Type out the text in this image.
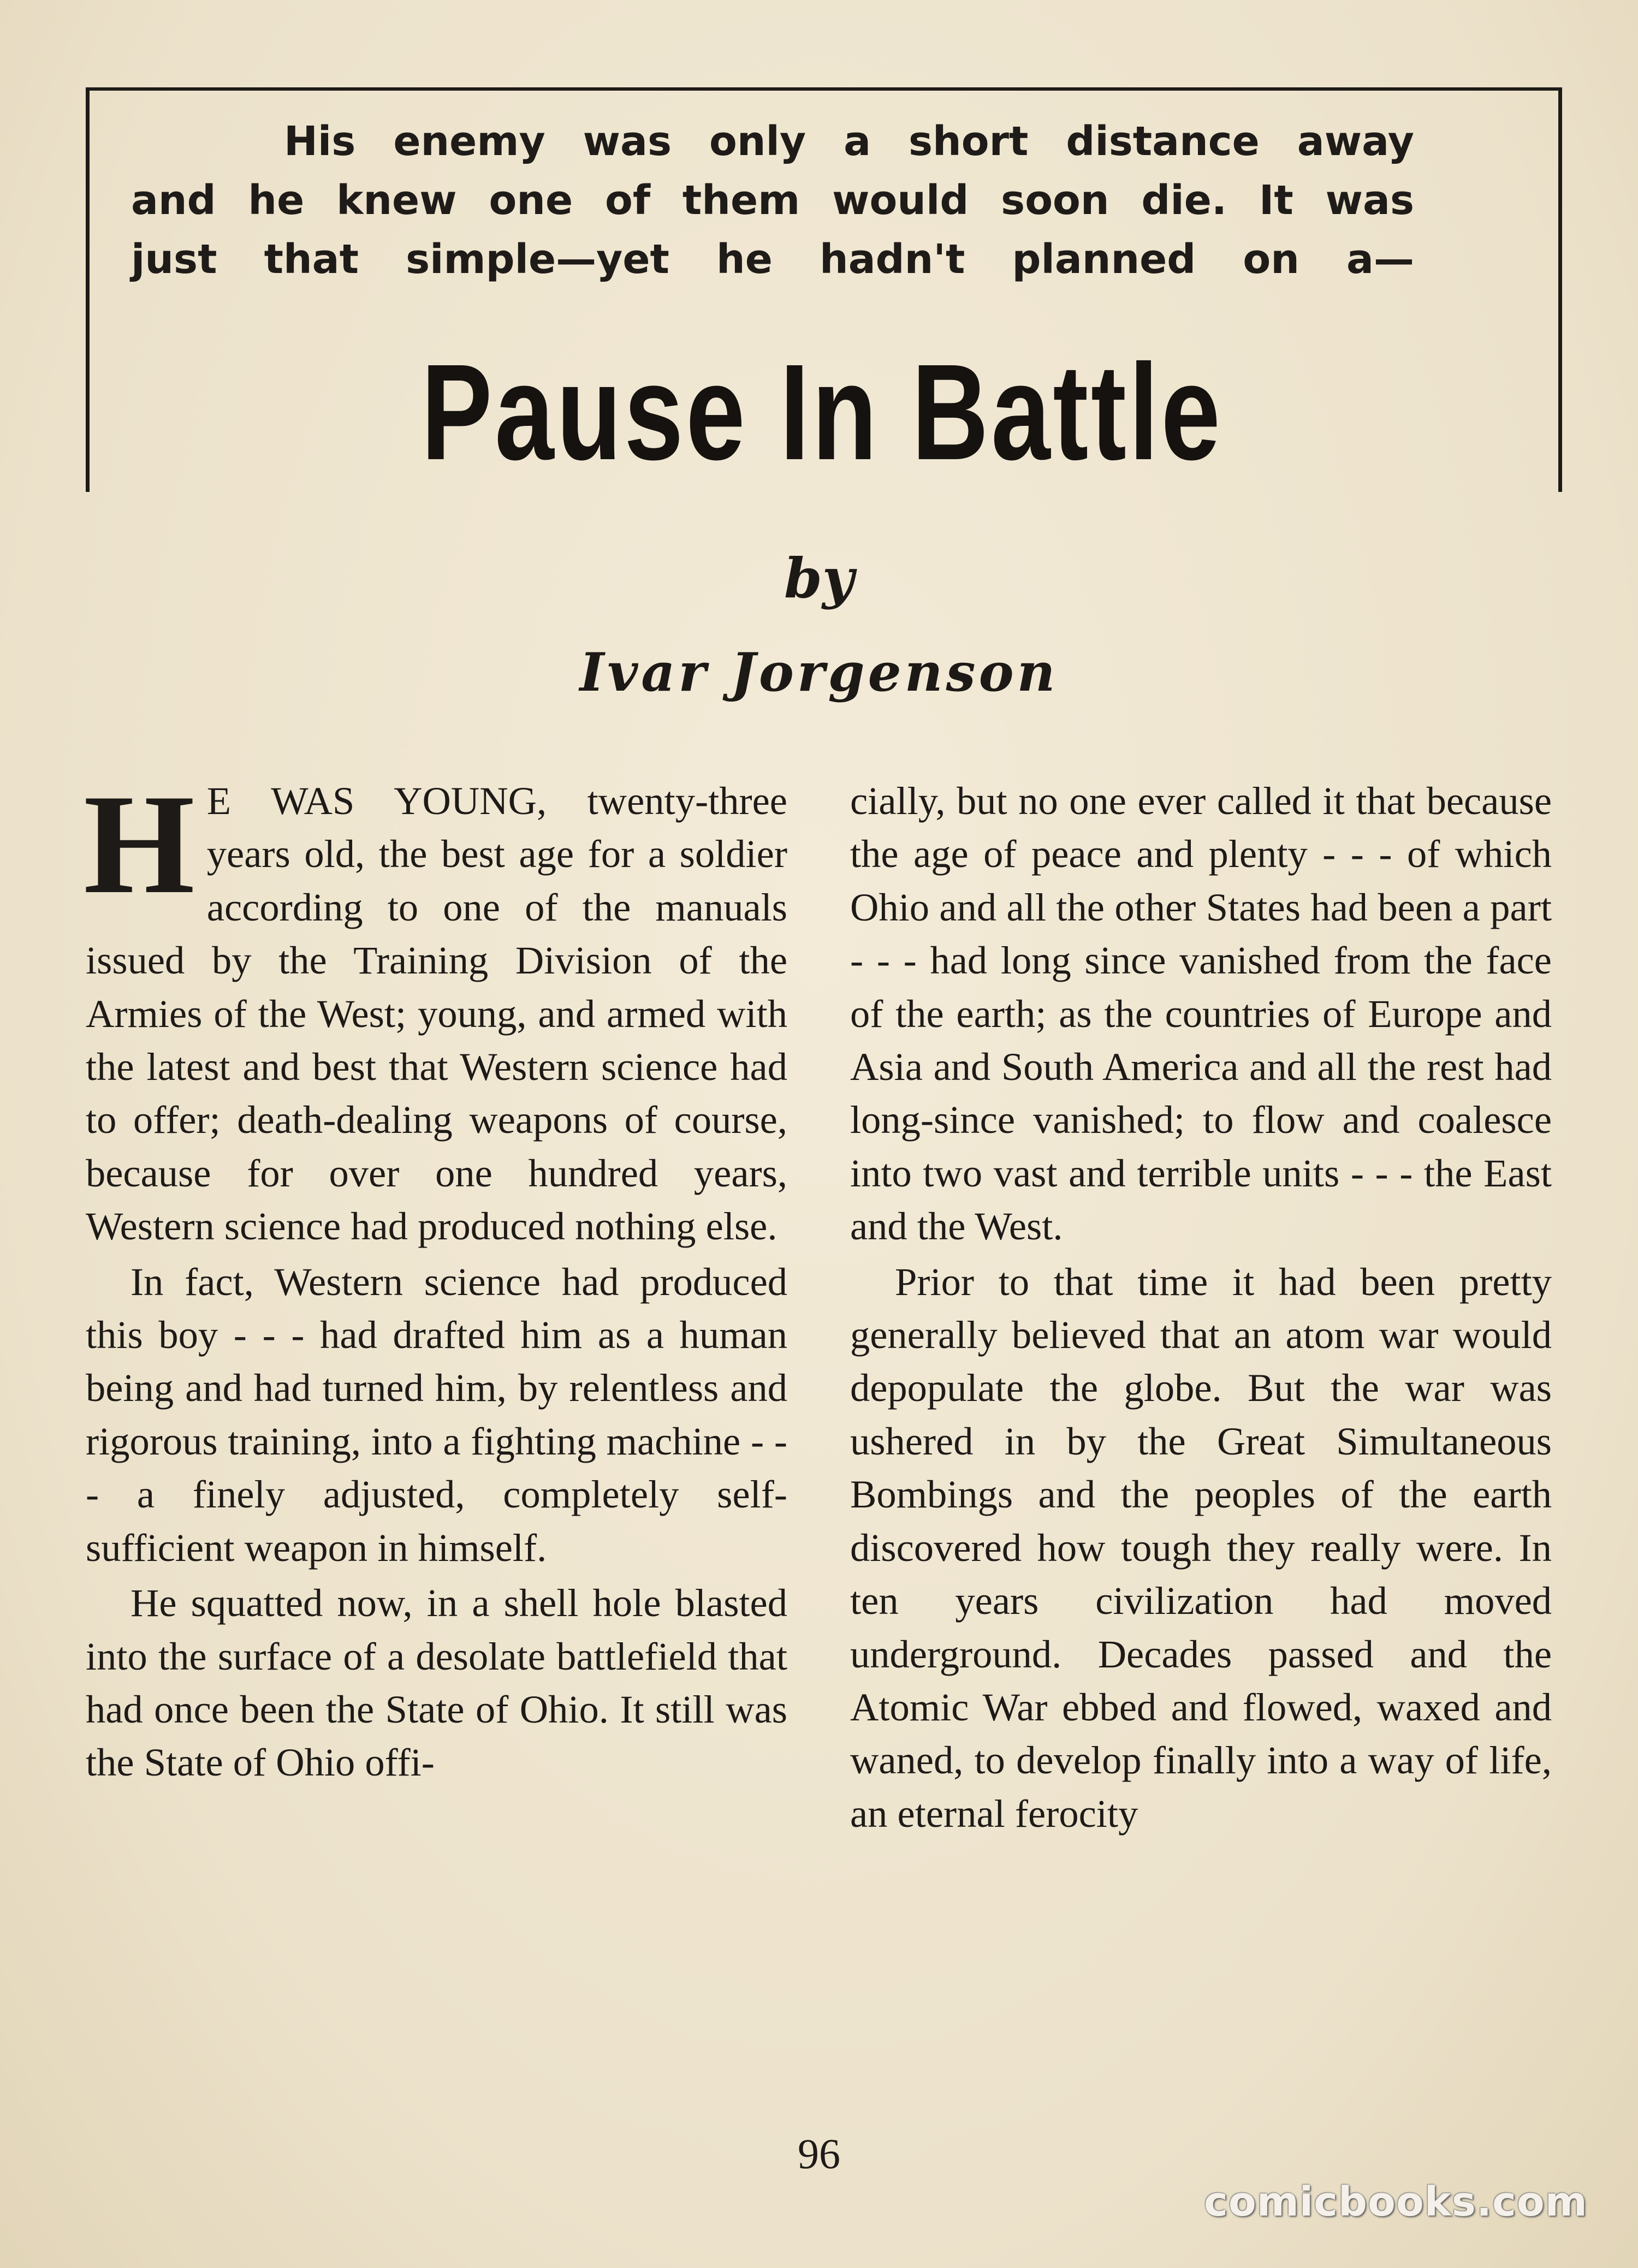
His enemy was only a short distance away
and he knew one of them would soon die. It was
just that simple—yet he hadn't planned on a—
Pause In Battle
by
Ivar Jorgenson

H E WAS YOUNG, twenty-three years old, the best age for a soldier according to one of the manuals issued by the Training Division of the Armies of the West; young, and armed with the latest and best that Western science had to offer; death-dealing weapons of course, because for over one hundred years, Western science had produced nothing else.

In fact, Western science had produced this boy - - - had drafted him as a human being and had turned him, by relentless and rigorous training, into a fighting machine - - - a finely adjusted, completely self-sufficient weapon in himself.

He squatted now, in a shell hole blasted into the surface of a desolate battlefield that had once been the State of Ohio. It still was the State of Ohio offi-

cially, but no one ever called it that because the age of peace and plenty - - - of which Ohio and all the other States had been a part - - - had long since vanished from the face of the earth; as the countries of Europe and Asia and South America and all the rest had long-since vanished; to flow and coalesce into two vast and terrible units - - - the East and the West.

Prior to that time it had been pretty generally believed that an atom war would depopulate the globe. But the war was ushered in by the Great Simultaneous Bombings and the peoples of the earth discovered how tough they really were. In ten years civilization had moved underground. Decades passed and the Atomic War ebbed and flowed, waxed and waned, to develop finally into a way of life, an eternal ferocity

96
comicbooks.com
